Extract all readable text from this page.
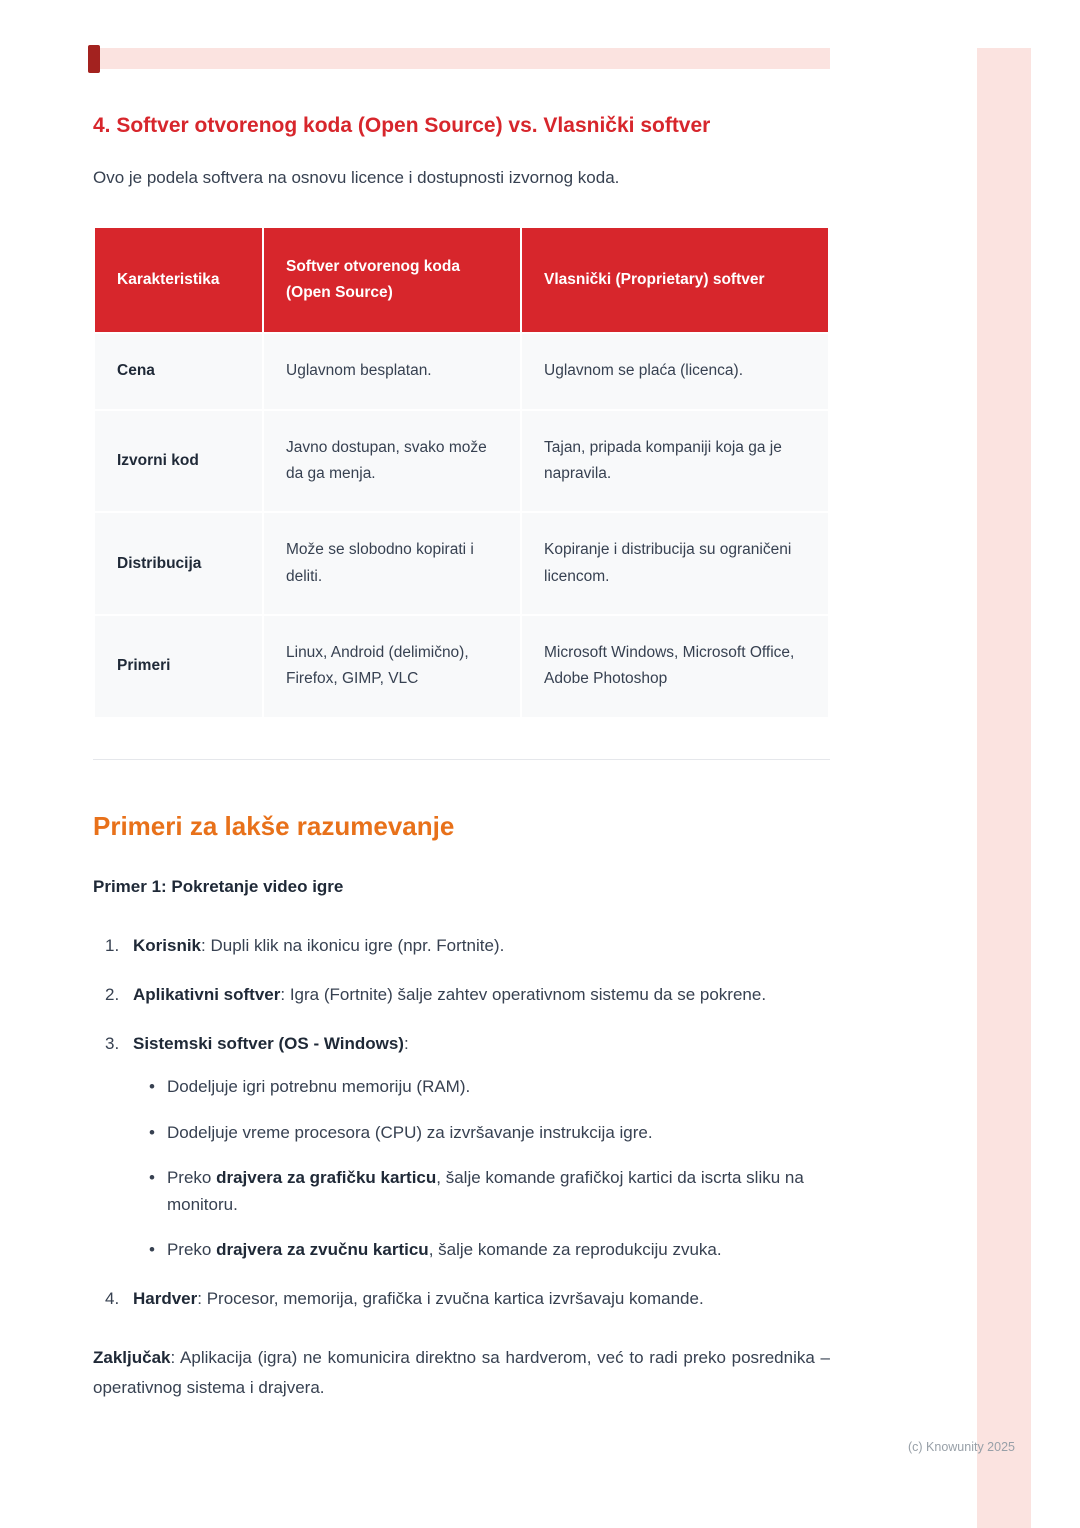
4. Softver otvorenog koda (Open Source) vs. Vlasnički softver

Ovo je podela softvera na osnovu licence i dostupnosti izvornog koda.

Karakteristika	Softver otvorenog koda (Open Source)	Vlasnički (Proprietary) softver
Cena	Uglavnom besplatan.	Uglavnom se plaća (licenca).
Izvorni kod	Javno dostupan, svako može da ga menja.	Tajan, pripada kompaniji koja ga je napravila.
Distribucija	Može se slobodno kopirati i deliti.	Kopiranje i distribucija su ograničeni licencom.
Primeri	Linux, Android (delimično), Firefox, GIMP, VLC	Microsoft Windows, Microsoft Office, Adobe Photoshop
Primeri za lakše razumevanje

Primer 1: Pokretanje video igre

1. Korisnik: Dupli klik na ikonicu igre (npr. Fortnite).
2. Aplikativni softver: Igra (Fortnite) šalje zahtev operativnom sistemu da se pokrene.
3. Sistemski softver (OS - Windows):
• Dodeljuje igri potrebnu memoriju (RAM).
• Dodeljuje vreme procesora (CPU) za izvršavanje instrukcija igre.
• Preko drajvera za grafičku karticu, šalje komande grafičkoj kartici da iscrta sliku na monitoru.
• Preko drajvera za zvučnu karticu, šalje komande za reprodukciju zvuka.
4. Hardver: Procesor, memorija, grafička i zvučna kartica izvršavaju komande.

Zaključak: Aplikacija (igra) ne komunicira direktno sa hardverom, već to radi preko posrednika – operativnog sistema i drajvera.

(c) Knowunity 2025
